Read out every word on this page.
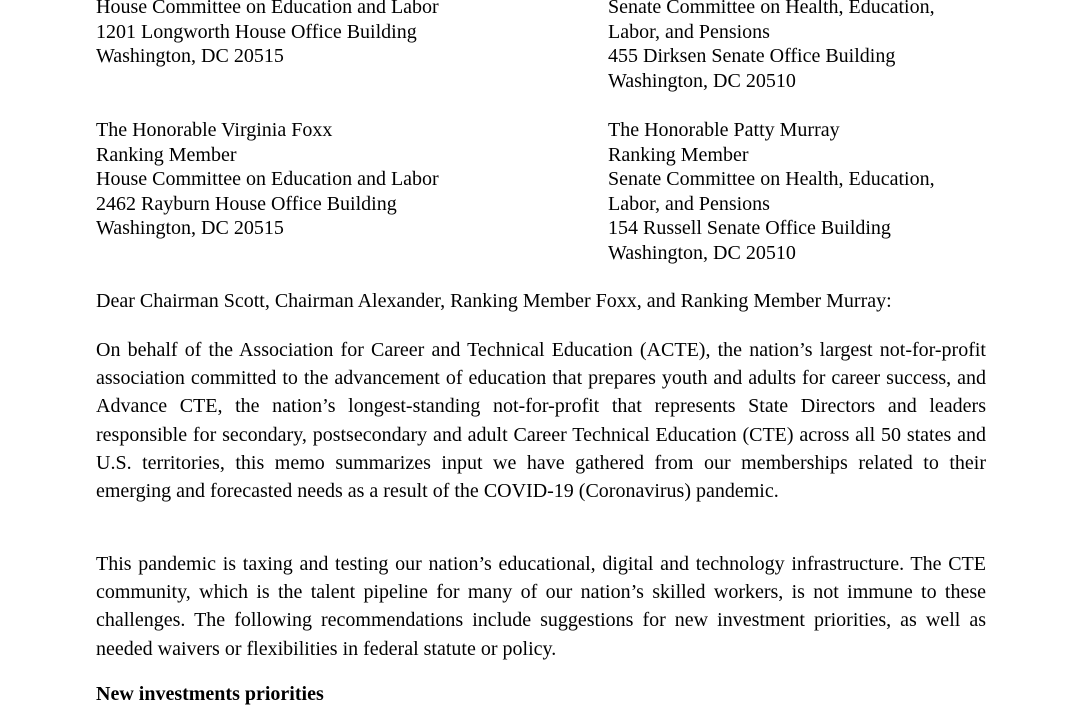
House Committee on Education and Labor
1201 Longworth House Office Building
Washington, DC 20515
Senate Committee on Health, Education,
Labor, and Pensions
455 Dirksen Senate Office Building
Washington, DC 20510
The Honorable Virginia Foxx
Ranking Member
House Committee on Education and Labor
2462 Rayburn House Office Building
Washington, DC 20515
The Honorable Patty Murray
Ranking Member
Senate Committee on Health, Education,
Labor, and Pensions
154 Russell Senate Office Building
Washington, DC 20510
Dear Chairman Scott, Chairman Alexander, Ranking Member Foxx, and Ranking Member Murray:
On behalf of the Association for Career and Technical Education (ACTE), the nation’s largest not-for-profit association committed to the advancement of education that prepares youth and adults for career success, and Advance CTE, the nation’s longest-standing not-for-profit that represents State Directors and leaders responsible for secondary, postsecondary and adult Career Technical Education (CTE) across all 50 states and U.S. territories, this memo summarizes input we have gathered from our memberships related to their emerging and forecasted needs as a result of the COVID-19 (Coronavirus) pandemic.
This pandemic is taxing and testing our nation’s educational, digital and technology infrastructure. The CTE community, which is the talent pipeline for many of our nation’s skilled workers, is not immune to these challenges. The following recommendations include suggestions for new investment priorities, as well as needed waivers or flexibilities in federal statute or policy.
New investments priorities
